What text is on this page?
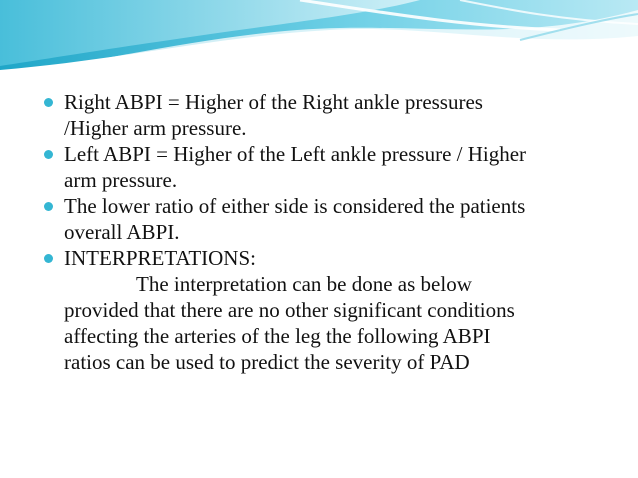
Right ABPI = Higher of the Right ankle pressures
/Higher arm pressure.
Left ABPI = Higher of the Left ankle pressure / Higher
arm pressure.
The lower ratio of either side is considered the patients
overall ABPI.
INTERPRETATIONS:
The interpretation can be done as below
provided that there are no other significant conditions
affecting the arteries of the leg the following ABPI
ratios can be used to predict the severity of PAD
